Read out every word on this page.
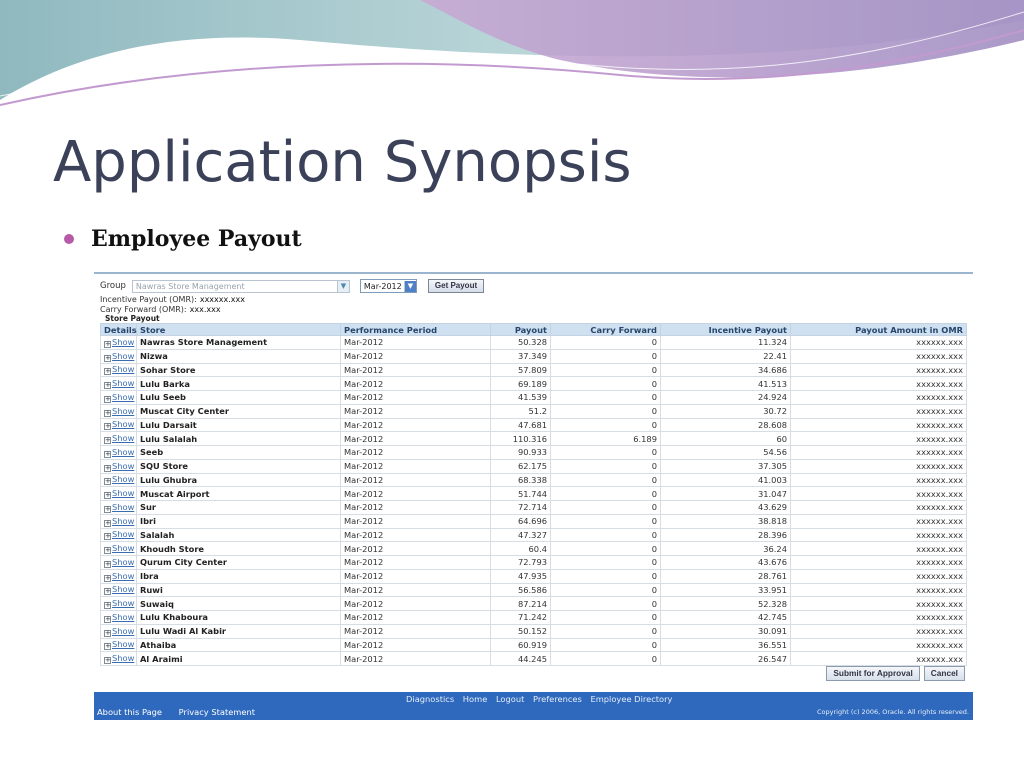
Application Synopsis
Employee Payout
Group	Nawras Store Management	▼	Mar-2012 ▼	Get Payout
Incentive Payout (OMR): xxxxxx.xxx
Carry Forward (OMR): xxx.xxx
Store Payout
Details	Store	Performance Period	Payout	Carry Forward	Incentive Payout	Payout Amount in OMR
+Show	Nawras Store Management	Mar-2012	50.328	0	11.324	xxxxxx.xxx
+Show	Nizwa	Mar-2012	37.349	0	22.41	xxxxxx.xxx
+Show	Sohar Store	Mar-2012	57.809	0	34.686	xxxxxx.xxx
+Show	Lulu Barka	Mar-2012	69.189	0	41.513	xxxxxx.xxx
+Show	Lulu Seeb	Mar-2012	41.539	0	24.924	xxxxxx.xxx
+Show	Muscat City Center	Mar-2012	51.2	0	30.72	xxxxxx.xxx
+Show	Lulu Darsait	Mar-2012	47.681	0	28.608	xxxxxx.xxx
+Show	Lulu Salalah	Mar-2012	110.316	6.189	60	xxxxxx.xxx
+Show	Seeb	Mar-2012	90.933	0	54.56	xxxxxx.xxx
+Show	SQU Store	Mar-2012	62.175	0	37.305	xxxxxx.xxx
+Show	Lulu Ghubra	Mar-2012	68.338	0	41.003	xxxxxx.xxx
+Show	Muscat Airport	Mar-2012	51.744	0	31.047	xxxxxx.xxx
+Show	Sur	Mar-2012	72.714	0	43.629	xxxxxx.xxx
+Show	Ibri	Mar-2012	64.696	0	38.818	xxxxxx.xxx
+Show	Salalah	Mar-2012	47.327	0	28.396	xxxxxx.xxx
+Show	Khoudh Store	Mar-2012	60.4	0	36.24	xxxxxx.xxx
+Show	Qurum City Center	Mar-2012	72.793	0	43.676	xxxxxx.xxx
+Show	Ibra	Mar-2012	47.935	0	28.761	xxxxxx.xxx
+Show	Ruwi	Mar-2012	56.586	0	33.951	xxxxxx.xxx
+Show	Suwaiq	Mar-2012	87.214	0	52.328	xxxxxx.xxx
+Show	Lulu Khaboura	Mar-2012	71.242	0	42.745	xxxxxx.xxx
+Show	Lulu Wadi Al Kabir	Mar-2012	50.152	0	30.091	xxxxxx.xxx
+Show	Athaiba	Mar-2012	60.919	0	36.551	xxxxxx.xxx
+Show	Al Araimi	Mar-2012	44.245	0	26.547	xxxxxx.xxx
Submit for Approval	Cancel
Diagnostics Home Logout Preferences Employee Directory
About this Page Privacy Statement	Copyright (c) 2006, Oracle. All rights reserved.
